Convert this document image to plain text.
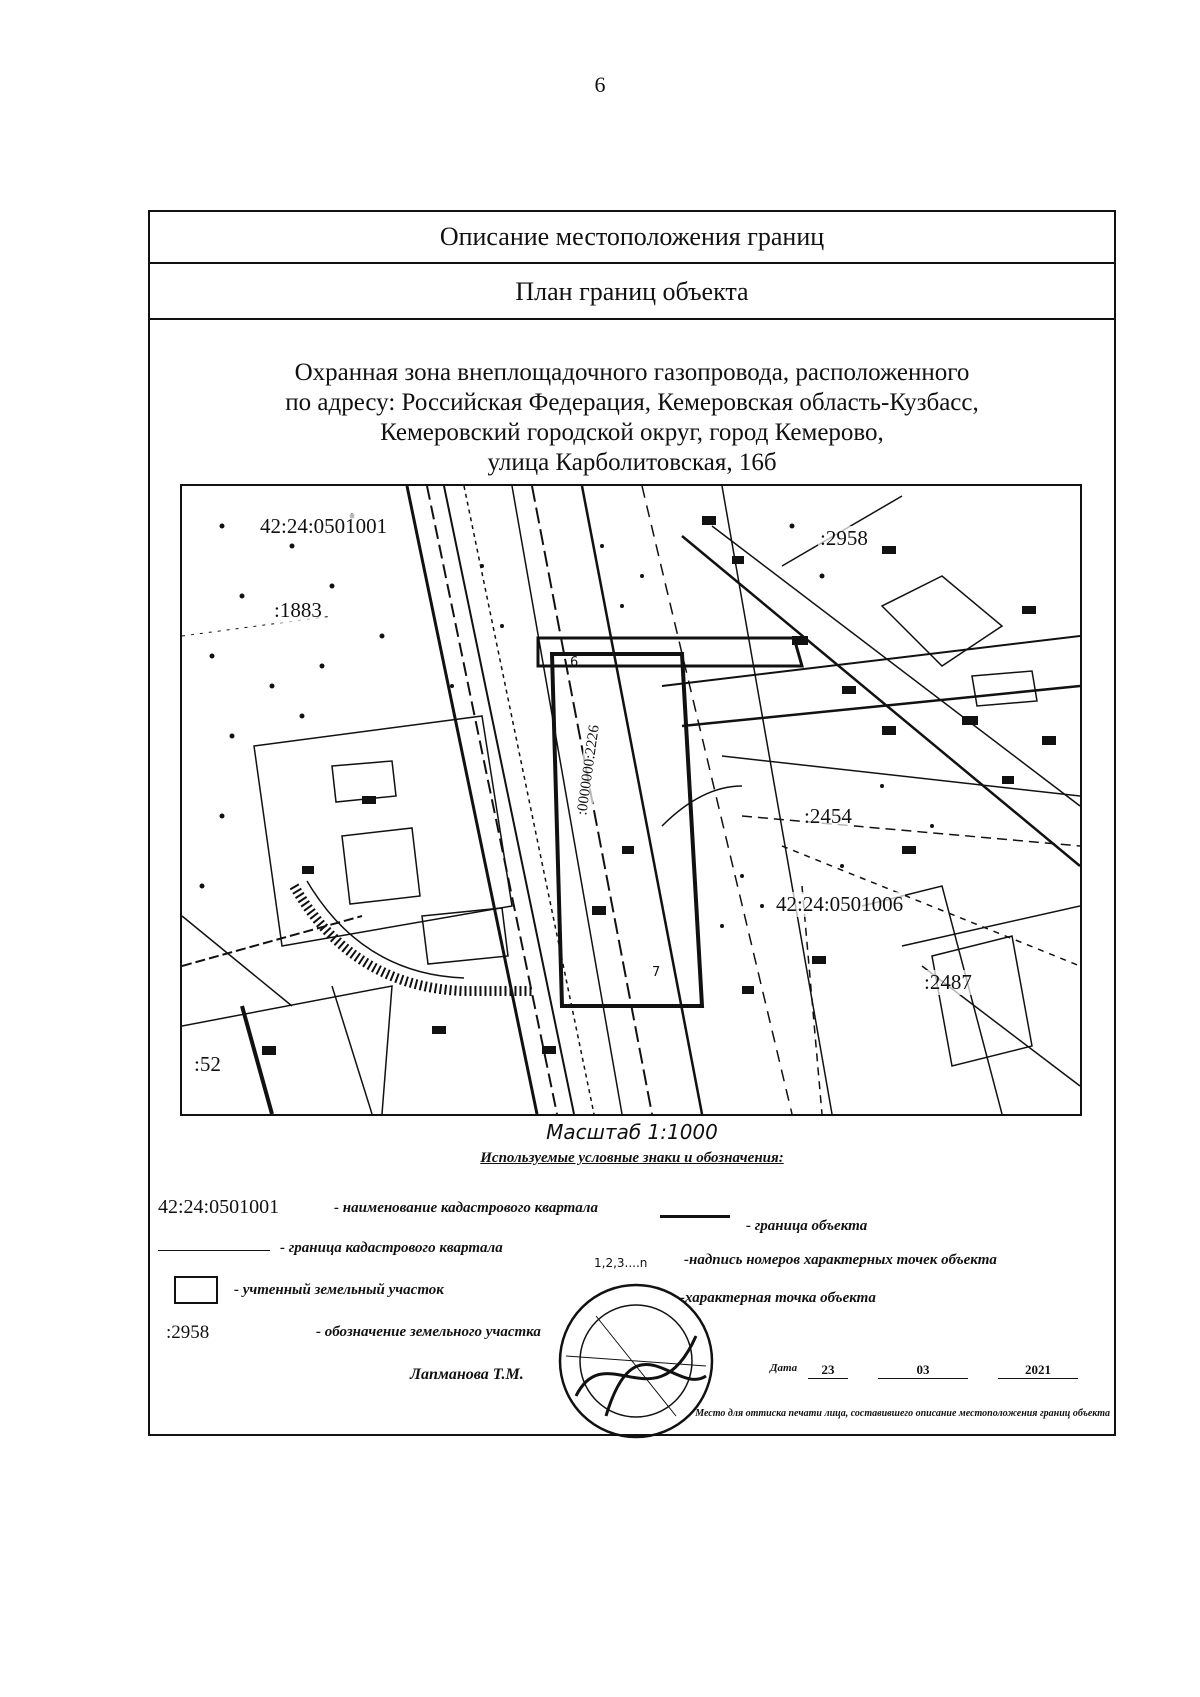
6
Описание местоположения границ
План границ объекта
Охранная зона внеплощадочного газопровода, расположенного
по адресу: Российская Федерация, Кемеровская область-Кузбасс,
Кемеровский городской округ, город Кемерово,
улица Карболитовская, 16б
6
7
42:24:0501001
:1883
:2958
:2454
42:24:0501006
:2487
:52
:0000000:2226
Масштаб 1:1000
Используемые условные знаки и обозначения:
42:24:0501001	- наименование кадастрового квартала
- граница объекта
- граница кадастрового квартала
1,2,3....n -надпись номеров характерных точек объекта
- учтенный земельный участок	-характерная точка объекта
:2958	- обозначение земельного участка
Лапманова Т.М.	Дата	23	03	2021
Место для оттиска печати лица, составившего описание местоположения границ объекта
